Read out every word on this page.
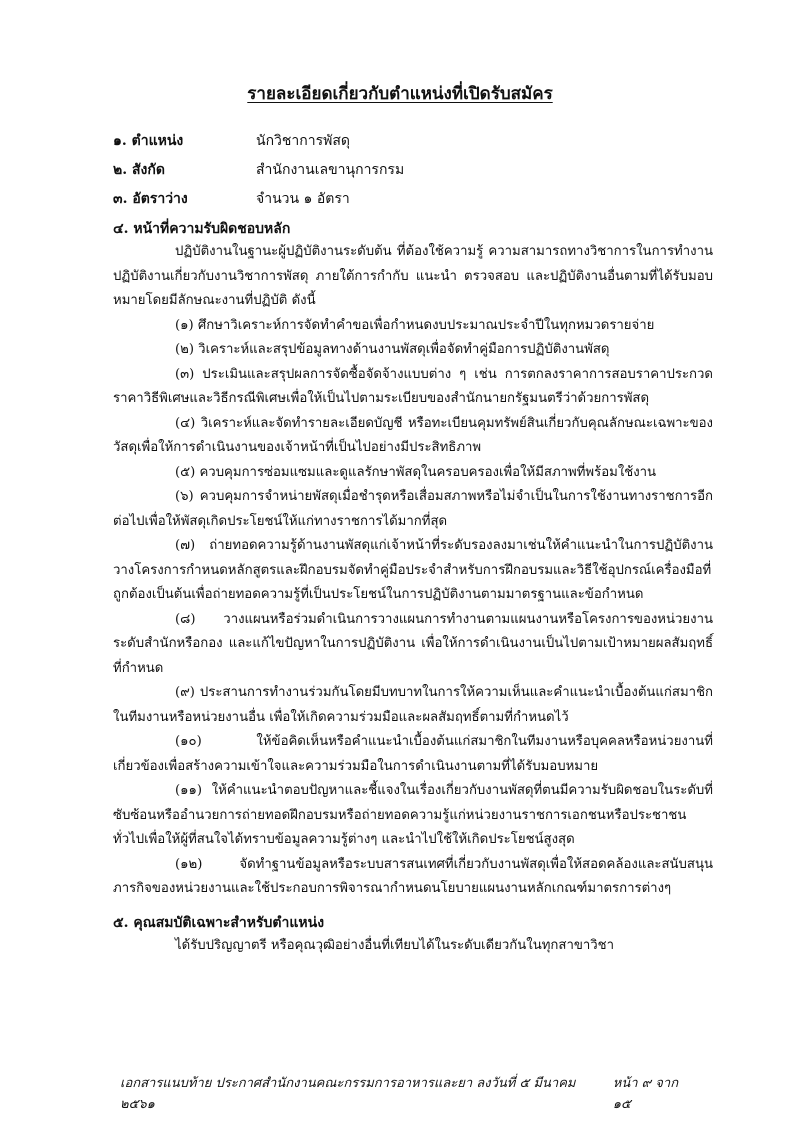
รายละเอียดเกี่ยวกับตำแหน่งที่เปิดรับสมัคร
๑. ตำแหน่ง	นักวิชาการพัสดุ
๒. สังกัด	สำนักงานเลขานุการกรม
๓. อัตราว่าง	จำนวน ๑ อัตรา
๔. หน้าที่ความรับผิดชอบหลัก

ปฏิบัติงานในฐานะผู้ปฏิบัติงานระดับต้น ที่ต้องใช้ความรู้ ความสามารถทางวิชาการในการทำงาน ปฏิบัติงานเกี่ยวกับงานวิชาการพัสดุ ภายใต้การกำกับ แนะนำ ตรวจสอบ และปฏิบัติงานอื่นตามที่ได้รับมอบหมายโดยมีลักษณะงานที่ปฏิบัติ ดังนี้

(๑) ศึกษาวิเคราะห์การจัดทำคำขอเพื่อกำหนดงบประมาณประจำปีในทุกหมวดรายจ่าย

(๒) วิเคราะห์และสรุปข้อมูลทางด้านงานพัสดุเพื่อจัดทำคู่มือการปฏิบัติงานพัสดุ

(๓) ประเมินและสรุปผลการจัดซื้อจัดจ้างแบบต่าง ๆ เช่น การตกลงราคาการสอบราคาประกวดราคาวิธีพิเศษและวิธีกรณีพิเศษเพื่อให้เป็นไปตามระเบียบของสำนักนายกรัฐมนตรีว่าด้วยการพัสดุ

(๔) วิเคราะห์และจัดทำรายละเอียดบัญชี หรือทะเบียนคุมทรัพย์สินเกี่ยวกับคุณลักษณะเฉพาะของวัสดุเพื่อให้การดำเนินงานของเจ้าหน้าที่เป็นไปอย่างมีประสิทธิภาพ

(๕) ควบคุมการซ่อมแซมและดูแลรักษาพัสดุในครอบครองเพื่อให้มีสภาพที่พร้อมใช้งาน

(๖) ควบคุมการจำหน่ายพัสดุเมื่อชำรุดหรือเสื่อมสภาพหรือไม่จำเป็นในการใช้งานทางราชการอีกต่อไปเพื่อให้พัสดุเกิดประโยชน์ให้แก่ทางราชการได้มากที่สุด

(๗) ถ่ายทอดความรู้ด้านงานพัสดุแก่เจ้าหน้าที่ระดับรองลงมาเช่นให้คำแนะนำในการปฏิบัติงาน วางโครงการกำหนดหลักสูตรและฝึกอบรมจัดทำคู่มือประจำสำหรับการฝึกอบรมและวิธีใช้อุปกรณ์เครื่องมือที่ถูกต้องเป็นต้นเพื่อถ่ายทอดความรู้ที่เป็นประโยชน์ในการปฏิบัติงานตามมาตรฐานและข้อกำหนด

(๘) วางแผนหรือร่วมดำเนินการวางแผนการทำงานตามแผนงานหรือโครงการของหน่วยงานระดับสำนักหรือกอง และแก้ไขปัญหาในการปฏิบัติงาน เพื่อให้การดำเนินงานเป็นไปตามเป้าหมายผลสัมฤทธิ์ที่กำหนด

(๙) ประสานการทำงานร่วมกันโดยมีบทบาทในการให้ความเห็นและคำแนะนำเบื้องต้นแก่สมาชิกในทีมงานหรือหน่วยงานอื่น เพื่อให้เกิดความร่วมมือและผลสัมฤทธิ์ตามที่กำหนดไว้

(๑๐) ให้ข้อคิดเห็นหรือคำแนะนำเบื้องต้นแก่สมาชิกในทีมงานหรือบุคคลหรือหน่วยงานที่เกี่ยวข้องเพื่อสร้างความเข้าใจและความร่วมมือในการดำเนินงานตามที่ได้รับมอบหมาย

(๑๑) ให้คำแนะนำตอบปัญหาและชี้แจงในเรื่องเกี่ยวกับงานพัสดุที่ตนมีความรับผิดชอบในระดับที่ซับซ้อนหรืออำนวยการถ่ายทอดฝึกอบรมหรือถ่ายทอดความรู้แก่หน่วยงานราชการเอกชนหรือประชาชนทั่วไปเพื่อให้ผู้ที่สนใจได้ทราบข้อมูลความรู้ต่างๆ และนำไปใช้ให้เกิดประโยชน์สูงสุด

(๑๒) จัดทำฐานข้อมูลหรือระบบสารสนเทศที่เกี่ยวกับงานพัสดุเพื่อให้สอดคล้องและสนับสนุนภารกิจของหน่วยงานและใช้ประกอบการพิจารณากำหนดนโยบายแผนงานหลักเกณฑ์มาตรการต่างๆ

๕. คุณสมบัติเฉพาะสำหรับตำแหน่ง

ได้รับปริญญาตรี หรือคุณวุฒิอย่างอื่นที่เทียบได้ในระดับเดียวกันในทุกสาขาวิชา

เอกสารแนบท้าย ประกาศสำนักงานคณะกรรมการอาหารและยา ลงวันที่ ๕ มีนาคม ๒๕๖๑
หน้า ๙ จาก ๑๕
